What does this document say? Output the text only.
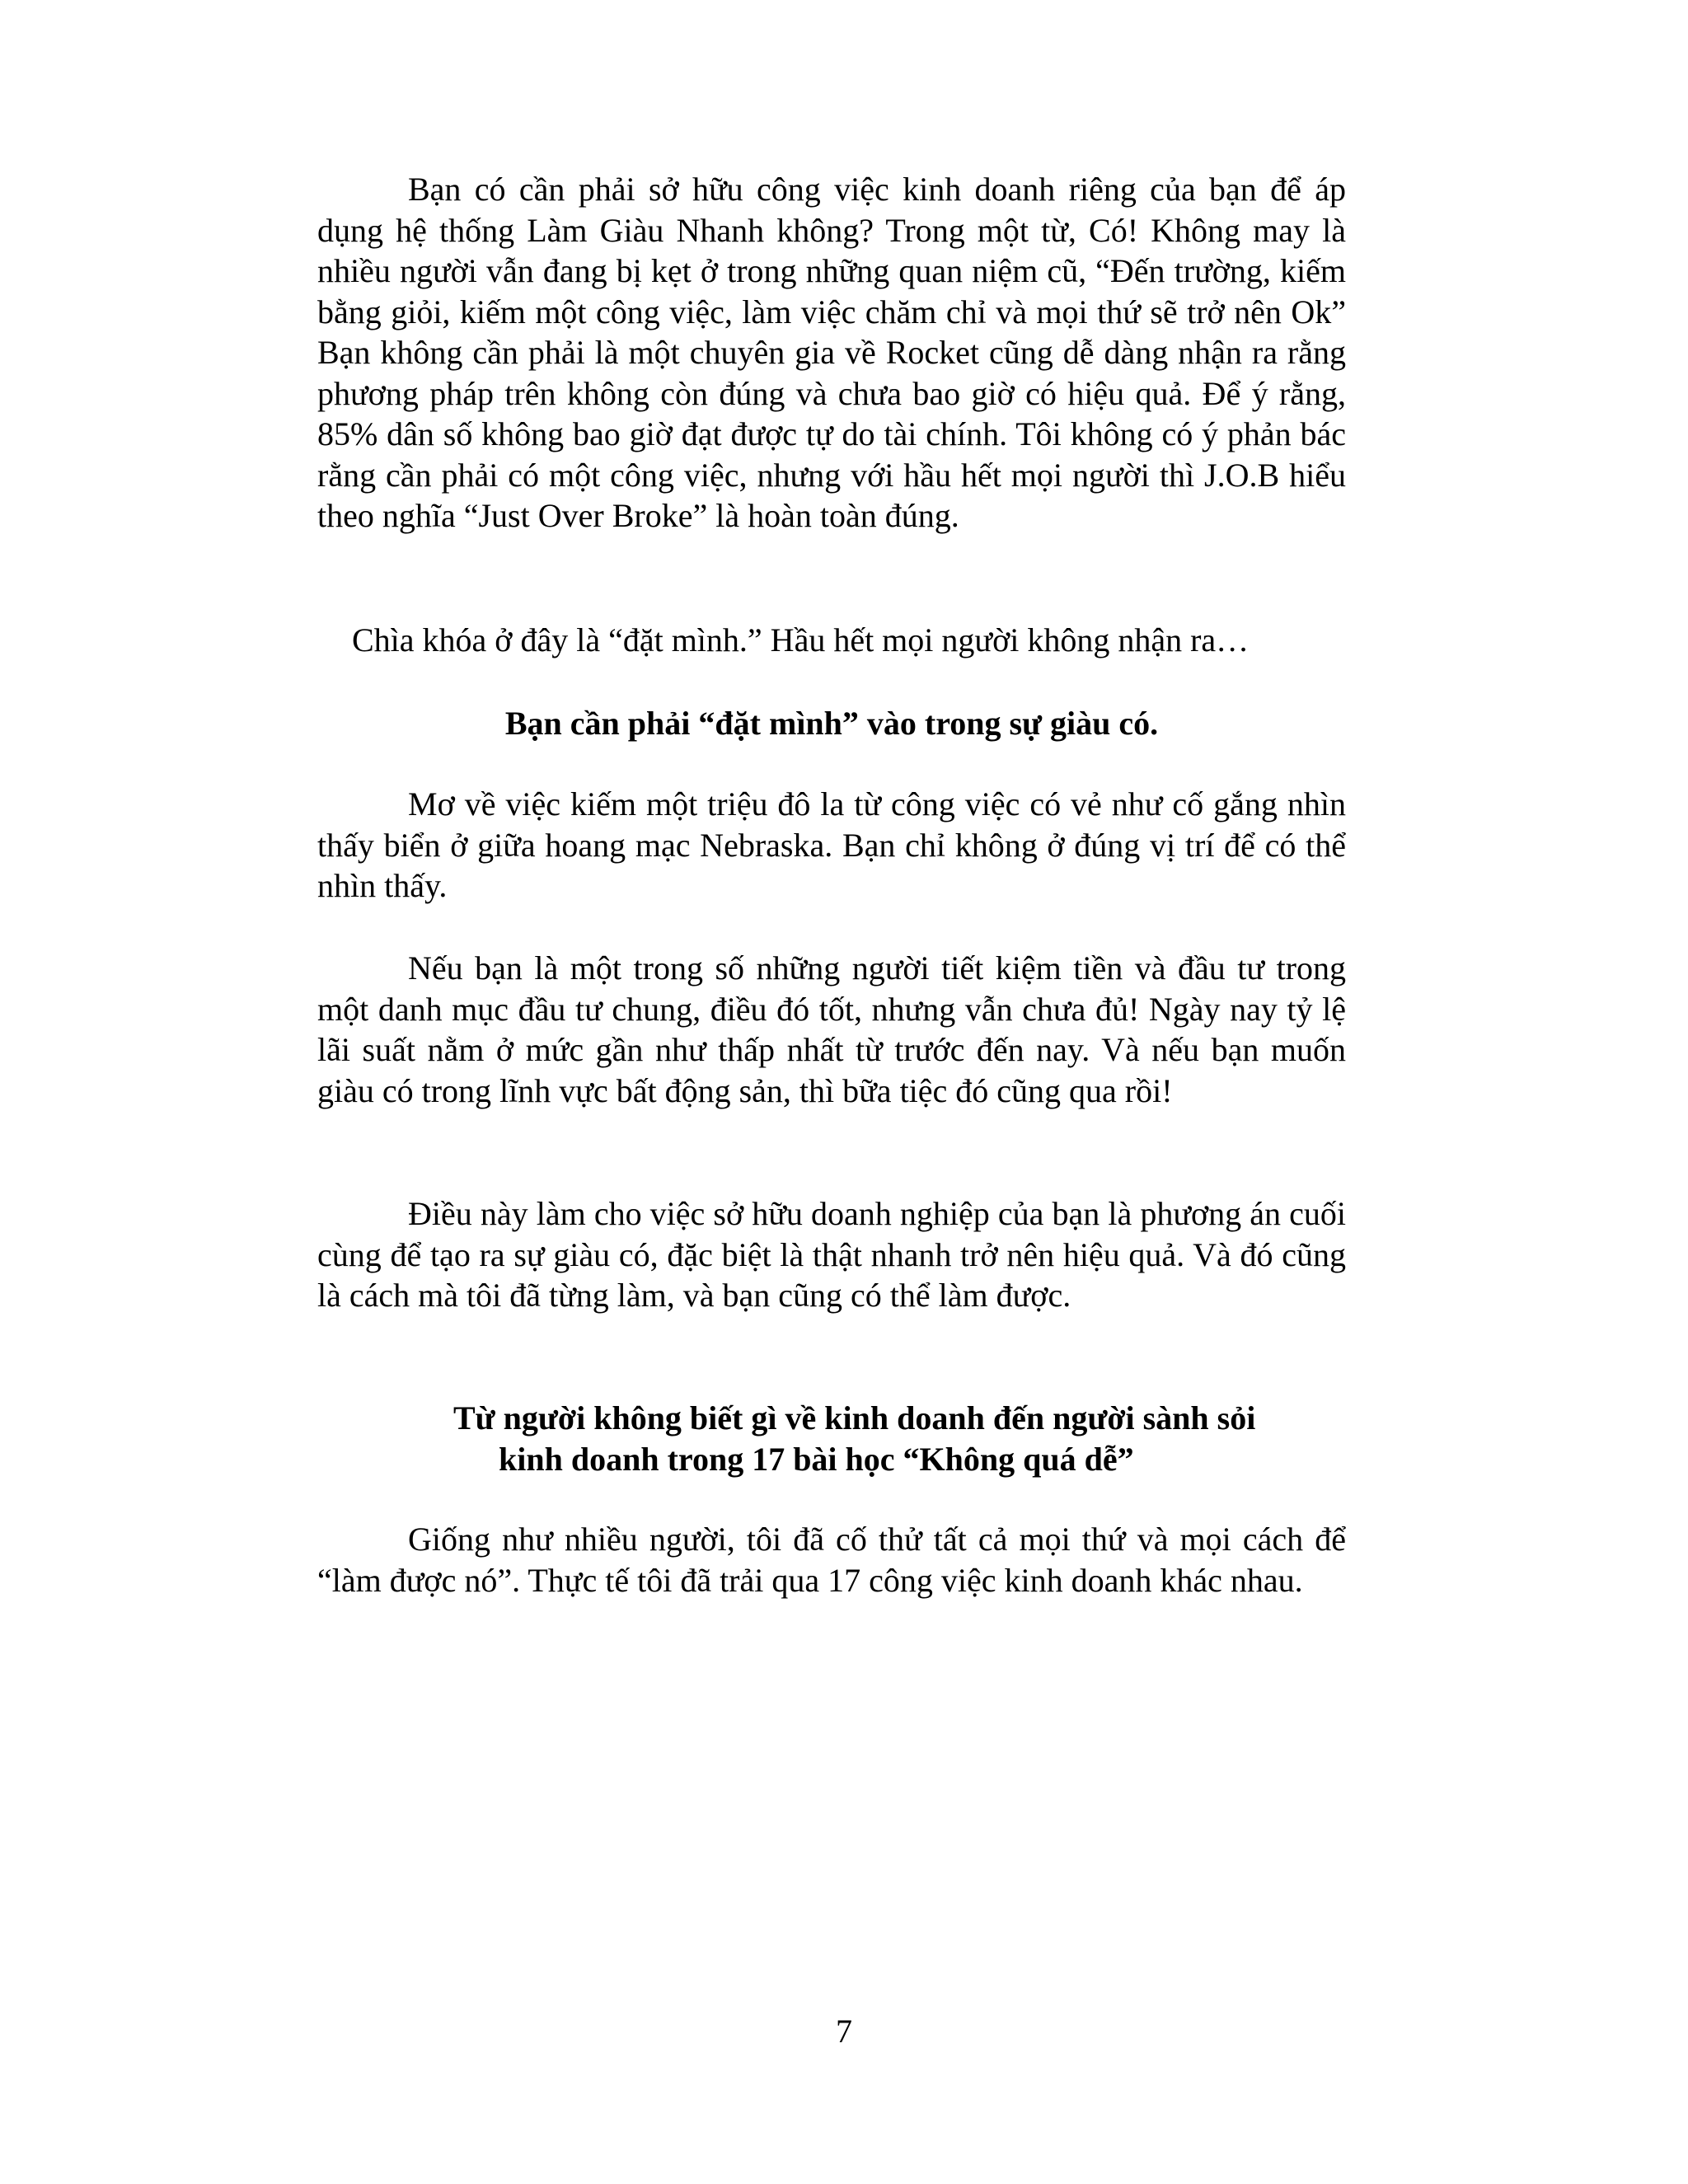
Bạn có cần phải sở hữu công việc kinh doanh riêng của bạn để áp dụng hệ thống Làm Giàu Nhanh không? Trong một từ, Có! Không may là nhiều người vẫn đang bị kẹt ở trong những quan niệm cũ, “Đến trường, kiếm bằng giỏi, kiếm một công việc, làm việc chăm chỉ và mọi thứ sẽ trở nên Ok” Bạn không cần phải là một chuyên gia về Rocket cũng dễ dàng nhận ra rằng phương pháp trên không còn đúng và chưa bao giờ có hiệu quả. Để ý rằng, 85% dân số không bao giờ đạt được tự do tài chính. Tôi không có ý phản bác rằng cần phải có một công việc, nhưng với hầu hết mọi người thì J.O.B hiểu theo nghĩa “Just Over Broke” là hoàn toàn đúng.

Chìa khóa ở đây là “đặt mình.” Hầu hết mọi người không nhận ra…

Bạn cần phải “đặt mình” vào trong sự giàu có.

Mơ về việc kiếm một triệu đô la từ công việc có vẻ như cố gắng nhìn thấy biển ở giữa hoang mạc Nebraska. Bạn chỉ không ở đúng vị trí để có thể nhìn thấy.

Nếu bạn là một trong số những người tiết kiệm tiền và đầu tư trong một danh mục đầu tư chung, điều đó tốt, nhưng vẫn chưa đủ! Ngày nay tỷ lệ lãi suất nằm ở mức gần như thấp nhất từ trước đến nay. Và nếu bạn muốn giàu có trong lĩnh vực bất động sản, thì bữa tiệc đó cũng qua rồi!

Điều này làm cho việc sở hữu doanh nghiệp của bạn là phương án cuối cùng để tạo ra sự giàu có, đặc biệt là thật nhanh trở nên hiệu quả. Và đó cũng là cách mà tôi đã từng làm, và bạn cũng có thể làm được.

Từ người không biết gì về kinh doanh đến người sành sỏi
kinh doanh trong 17 bài học “Không quá dễ”

Giống như nhiều người, tôi đã cố thử tất cả mọi thứ và mọi cách để “làm được nó”. Thực tế tôi đã trải qua 17 công việc kinh doanh khác nhau.

7
